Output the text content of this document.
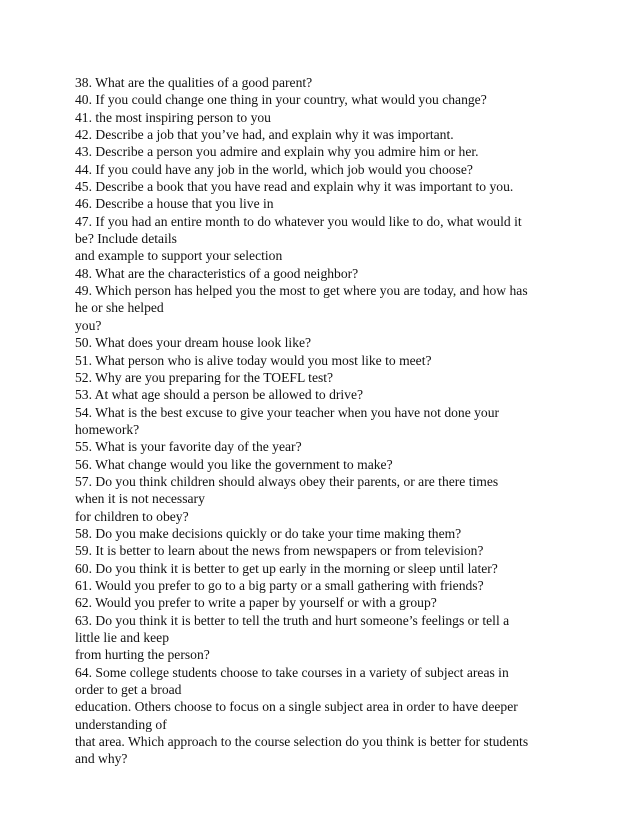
38. What are the qualities of a good parent?
40. If you could change one thing in your country, what would you change?
41. the most inspiring person to you
42. Describe a job that you’ve had, and explain why it was important.
43. Describe a person you admire and explain why you admire him or her.
44. If you could have any job in the world, which job would you choose?
45. Describe a book that you have read and explain why it was important to you.
46. Describe a house that you live in
47. If you had an entire month to do whatever you would like to do, what would it
be? Include details
and example to support your selection
48. What are the characteristics of a good neighbor?
49. Which person has helped you the most to get where you are today, and how has
he or she helped
you?
50. What does your dream house look like?
51. What person who is alive today would you most like to meet?
52. Why are you preparing for the TOEFL test?
53. At what age should a person be allowed to drive?
54. What is the best excuse to give your teacher when you have not done your
homework?
55. What is your favorite day of the year?
56. What change would you like the government to make?
57. Do you think children should always obey their parents, or are there times
when it is not necessary
for children to obey?
58. Do you make decisions quickly or do take your time making them?
59. It is better to learn about the news from newspapers or from television?
60. Do you think it is better to get up early in the morning or sleep until later?
61. Would you prefer to go to a big party or a small gathering with friends?
62. Would you prefer to write a paper by yourself or with a group?
63. Do you think it is better to tell the truth and hurt someone’s feelings or tell a
little lie and keep
from hurting the person?
64. Some college students choose to take courses in a variety of subject areas in
order to get a broad
education. Others choose to focus on a single subject area in order to have deeper
understanding of
that area. Which approach to the course selection do you think is better for students
and why?
